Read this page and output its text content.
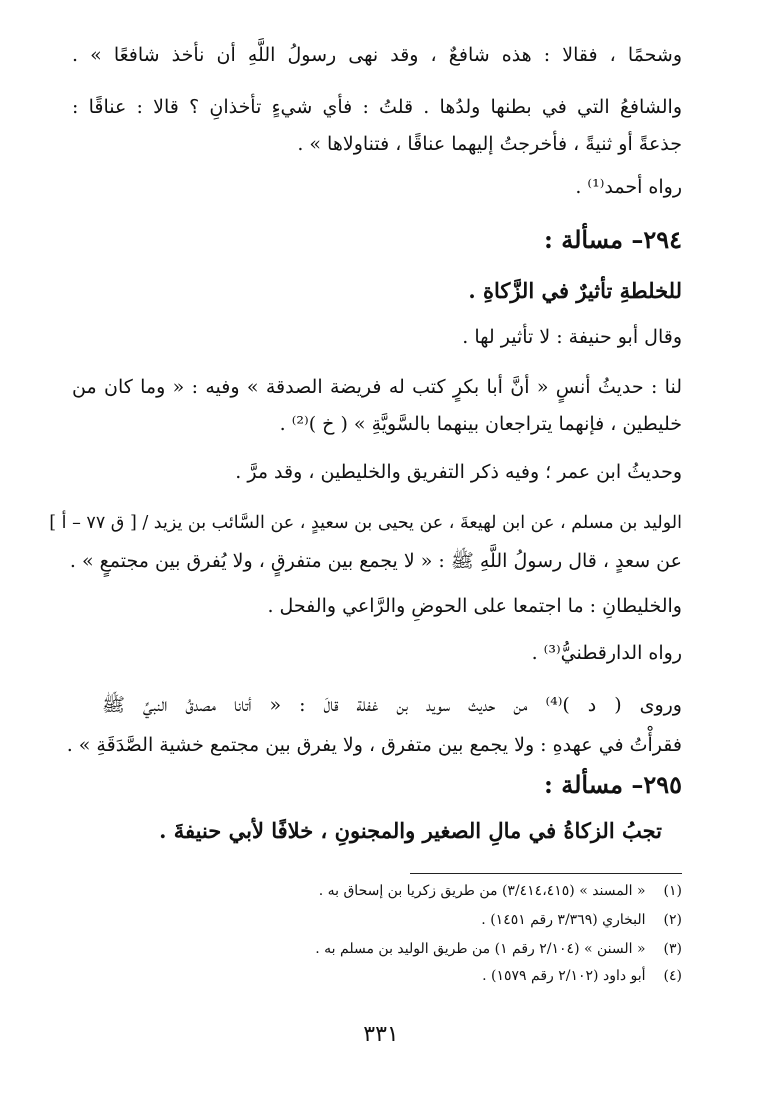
وشحمًا ، فقالا : هذه شافعٌ ، وقد نهى رسولُ اللَّهِ أن نأخذ شافعًا » .
والشافعُ التي في بطنها ولدُها . قلتُ : فأي شيءٍ تأخذانِ ؟ قالا : عناقًا :
جذعةً أو ثنيةً ، فأخرجتُ إليهما عناقًا ، فتناولاها » .
رواه أحمد⁽¹⁾ .
٢٩٤– مسألة :
للخلطةِ تأثيرٌ في الزَّكاةِ .
وقال أبو حنيفة : لا تأثير لها .
لنا : حديثُ أنسٍ « أنَّ أبا بكرٍ كتب له فريضة الصدقة » وفيه : « وما كان من
خليطين ، فإنهما يتراجعان بينهما بالسَّويَّةِ » ( خ )⁽²⁾ .
وحديثُ ابن عمر ؛ وفيه ذكر التفريق والخليطين ، وقد مرَّ .
الوليد بن مسلم ، عن ابن لهيعةَ ، عن يحيى بن سعيدٍ ، عن السَّائب بن يزيد / [ ق ٧٧ – أ ]
عن سعدٍ ، قال رسولُ اللَّهِ ﷺ : « لا يجمع بين متفرقٍ ، ولا يُفرق بين مجتمعٍ » .
والخليطانِ : ما اجتمعا على الحوضِ والرَّاعي والفحل .
رواه الدارقطنيُّ⁽³⁾ .
وروى ( د )⁽⁴⁾ من حديث سويد بن غفلة قالَ : « أتانا مصدقُ النبيِّ ﷺ
فقرأْتُ في عهدهِ : ولا يجمع بين متفرق ، ولا يفرق بين مجتمع خشية الصَّدَقَةِ » .
٢٩٥– مسألة :
تجبُ الزكاةُ في مالِ الصغير والمجنونِ ، خلافًا لأبي حنيفةَ .
(١) « المسند » (٣/٤١٤،٤١٥) من طريق زكريا بن إسحاق به .
(٢) البخاري (٣/٣٦٩ رقم ١٤٥١) .
(٣) « السنن » (٢/١٠٤ رقم ١) من طريق الوليد بن مسلم به .
(٤) أبو داود (٢/١٠٢ رقم ١٥٧٩) .
٣٣١
